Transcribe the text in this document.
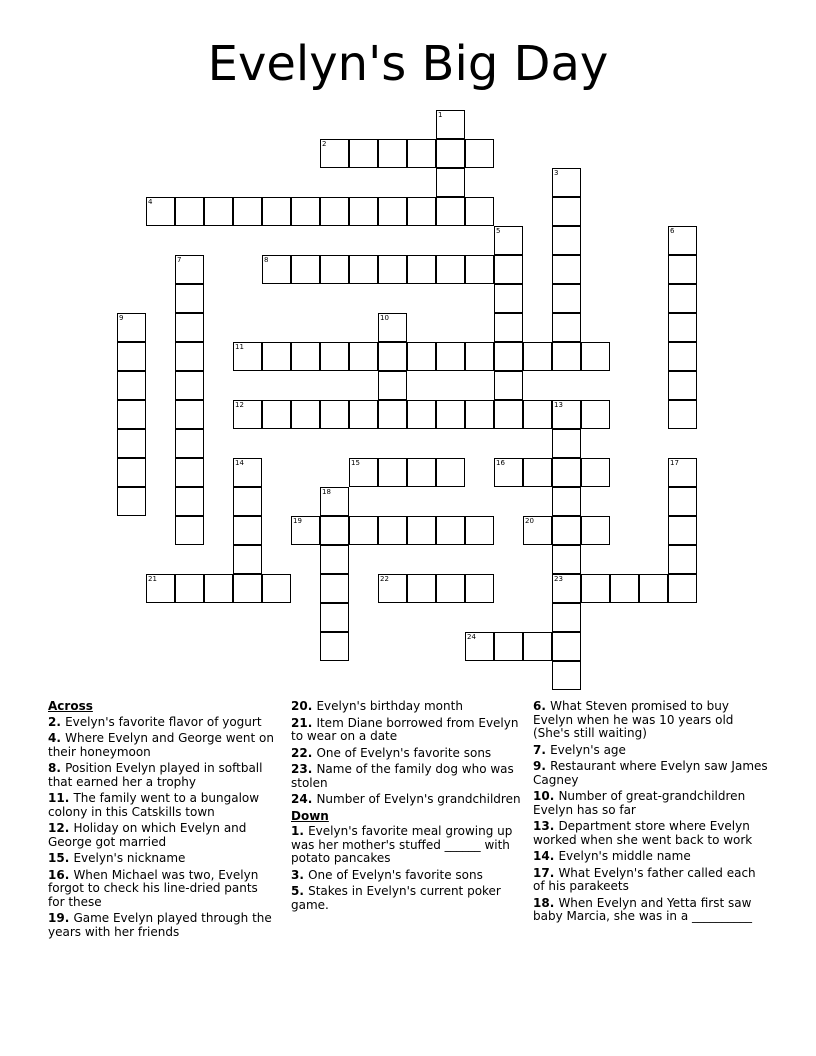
Evelyn's Big Day
1
2
3
4
5	6
7	8
9	10
11
12	13
23
14	15	16	17
18
19	20
21	22
24
Across
2. Evelyn's favorite flavor of yogurt
4. Where Evelyn and George went on their honeymoon
8. Position Evelyn played in softball that earned her a trophy
11. The family went to a bungalow colony in this Catskills town
12. Holiday on which Evelyn and George got married
15. Evelyn's nickname
16. When Michael was two, Evelyn forgot to check his line-dried pants for these
19. Game Evelyn played through the years with her friends
20. Evelyn's birthday month
21. Item Diane borrowed from Evelyn to wear on a date
22. One of Evelyn's favorite sons
23. Name of the family dog who was stolen
24. Number of Evelyn's grandchildren
Down
1. Evelyn's favorite meal growing up was her mother's stuffed ______ with potato pancakes
3. One of Evelyn's favorite sons
5. Stakes in Evelyn's current poker game.
6. What Steven promised to buy Evelyn when he was 10 years old (She's still waiting)
7. Evelyn's age
9. Restaurant where Evelyn saw James Cagney
10. Number of great-grandchildren Evelyn has so far
13. Department store where Evelyn worked when she went back to work
14. Evelyn's middle name
17. What Evelyn's father called each of his parakeets
18. When Evelyn and Yetta first saw baby Marcia, she was in a __________
